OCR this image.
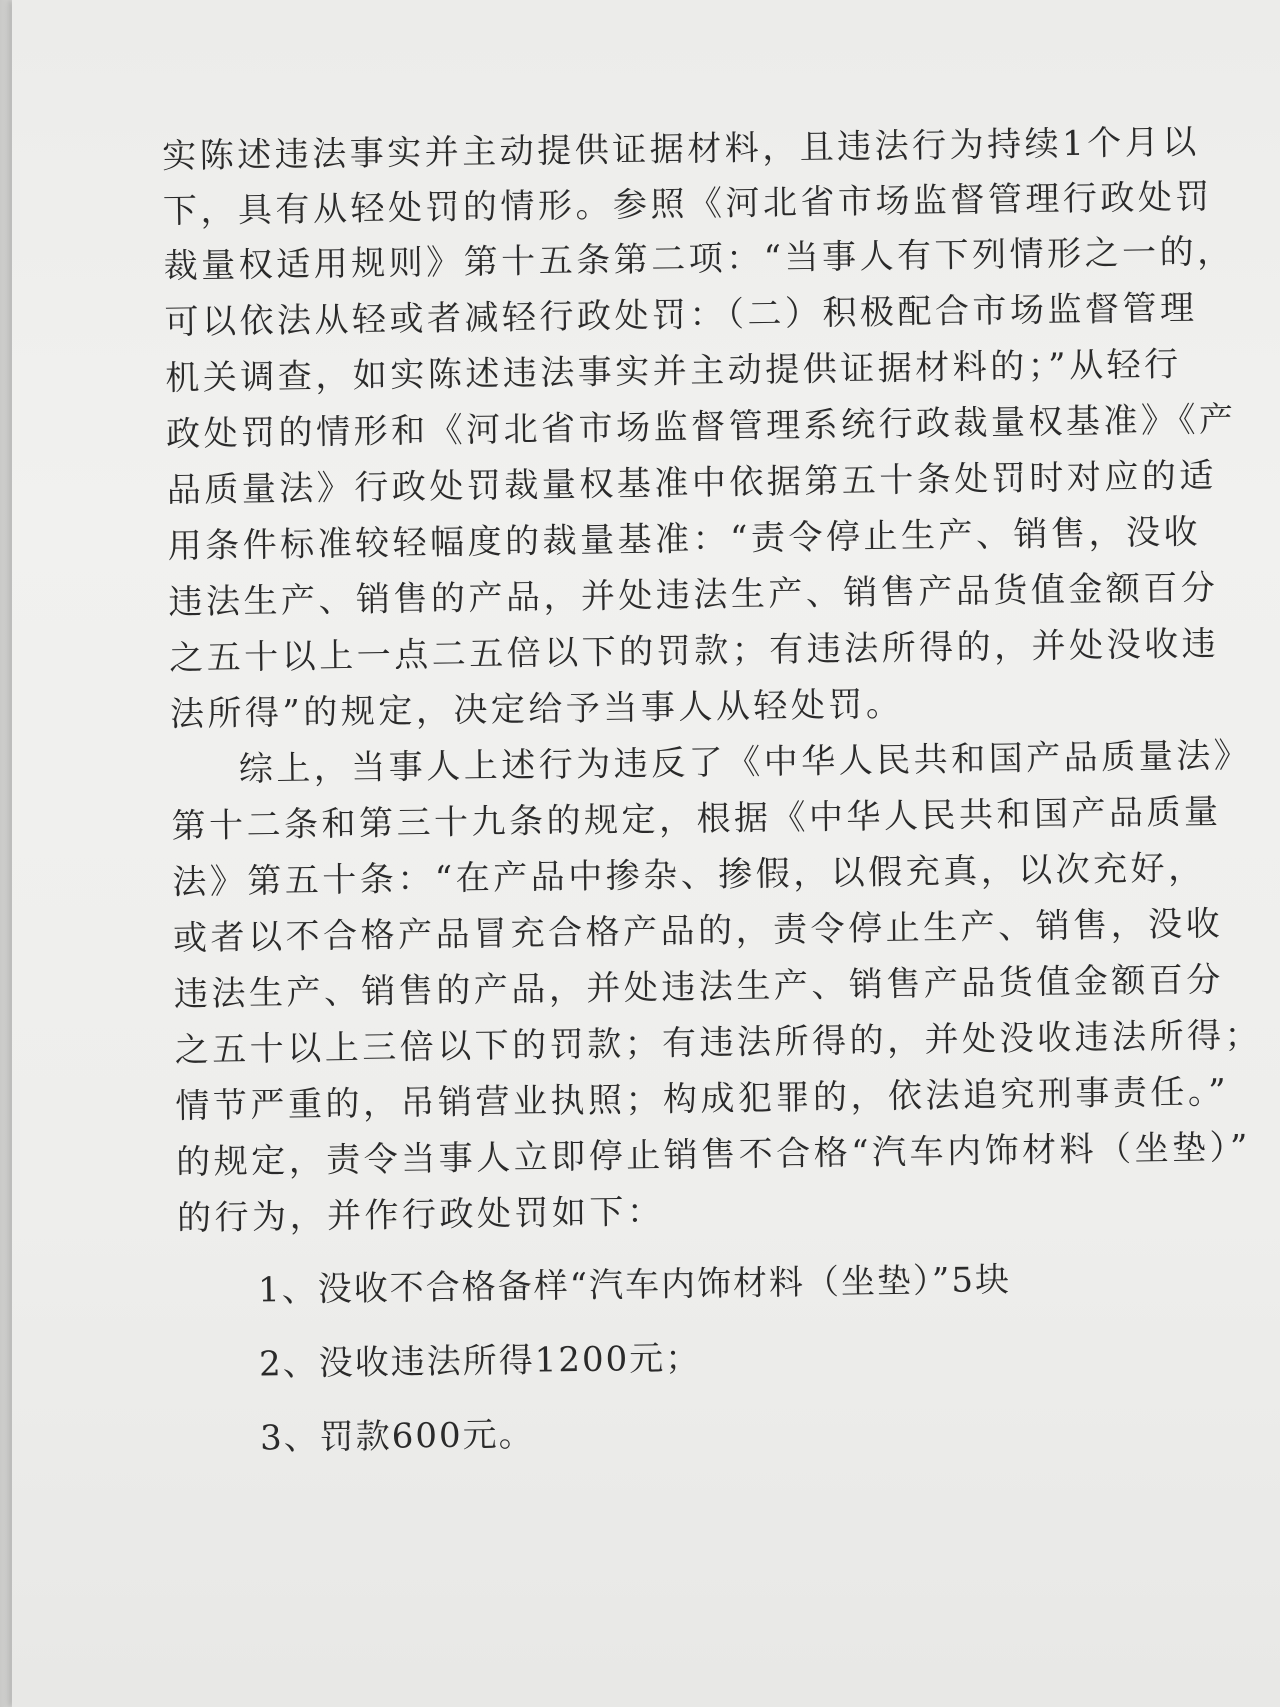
实陈述违法事实并主动提供证据材料，且违法行为持续1个月以
下，具有从轻处罚的情形。参照《河北省市场监督管理行政处罚
裁量权适用规则》第十五条第二项：“当事人有下列情形之一的，
可以依法从轻或者减轻行政处罚：（二）积极配合市场监督管理
机关调查，如实陈述违法事实并主动提供证据材料的；”从轻行
政处罚的情形和《河北省市场监督管理系统行政裁量权基准》《产
品质量法》行政处罚裁量权基准中依据第五十条处罚时对应的适
用条件标准较轻幅度的裁量基准：“责令停止生产、销售，没收
违法生产、销售的产品，并处违法生产、销售产品货值金额百分
之五十以上一点二五倍以下的罚款；有违法所得的，并处没收违
法所得”的规定，决定给予当事人从轻处罚。
综上，当事人上述行为违反了《中华人民共和国产品质量法》
第十二条和第三十九条的规定，根据《中华人民共和国产品质量
法》第五十条：“在产品中掺杂、掺假，以假充真，以次充好，
或者以不合格产品冒充合格产品的，责令停止生产、销售，没收
违法生产、销售的产品，并处违法生产、销售产品货值金额百分
之五十以上三倍以下的罚款；有违法所得的，并处没收违法所得；
情节严重的，吊销营业执照；构成犯罪的，依法追究刑事责任。”
的规定，责令当事人立即停止销售不合格“汽车内饰材料（坐垫）”
的行为，并作行政处罚如下：
1、没收不合格备样“汽车内饰材料（坐垫）”5块
2、没收违法所得1200元；
3、罚款600元。
